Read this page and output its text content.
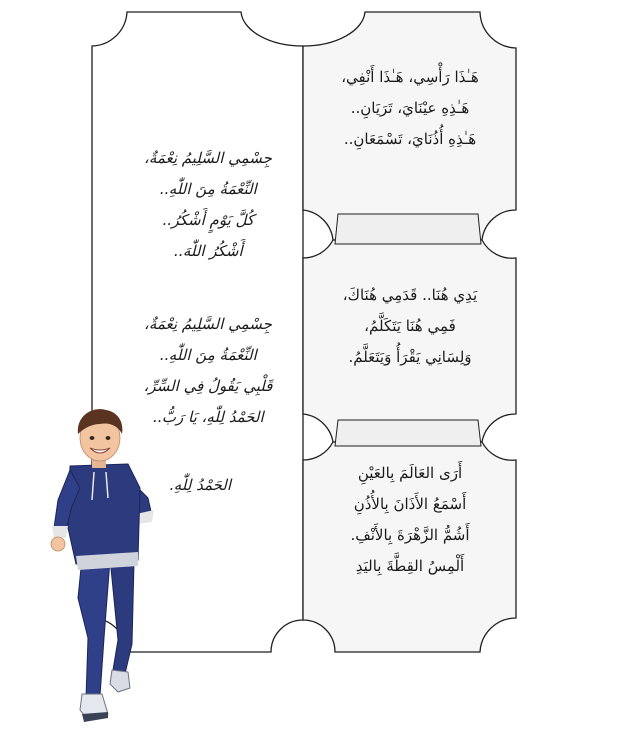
هَـٰذَا رَأْسِي، هَـٰذَا أَنْفِي،
هَـٰذِهِ عيْنَايَ، تَرَيَانِ..
هَـٰذِهِ أُذُنَايَ، تَسْمَعَانِ..
يَدِي هُنَا.. قَدَمِي هُنَاكَ،
فَمِي هُنَا يَتَكَلَّمُ،
وَلِسَانِي يَقْرَأُ وَيَتَعَلَّمُ.
أَرَى العَالَمَ بِالعَيْنِ
أَسْمَعُ الأَذَانَ بِالأُذُنِ
أَشُمُّ الزَّهْرَةَ بِالأَنْفِ.
أَلْمِسُ القِطَّةَ بِاليَدِ
جِسْمِي السَّلِيمُ نِعْمَةٌ،
النِّعْمَةُ مِنَ اللّٰهِ..
كُلَّ يَوْمٍ أَشْكُرُ..
أَشْكُرُ اللّٰهَ..
جِسْمِي السَّلِيمُ نِعْمَةٌ،
النِّعْمَةُ مِنَ اللّٰهِ..
قَلْبِي يَقُولُ فِي السِّرِّ،
الحَمْدُ لِلّٰهِ، يَا رَبُّ..
الحَمْدُ لِلّٰهِ.
